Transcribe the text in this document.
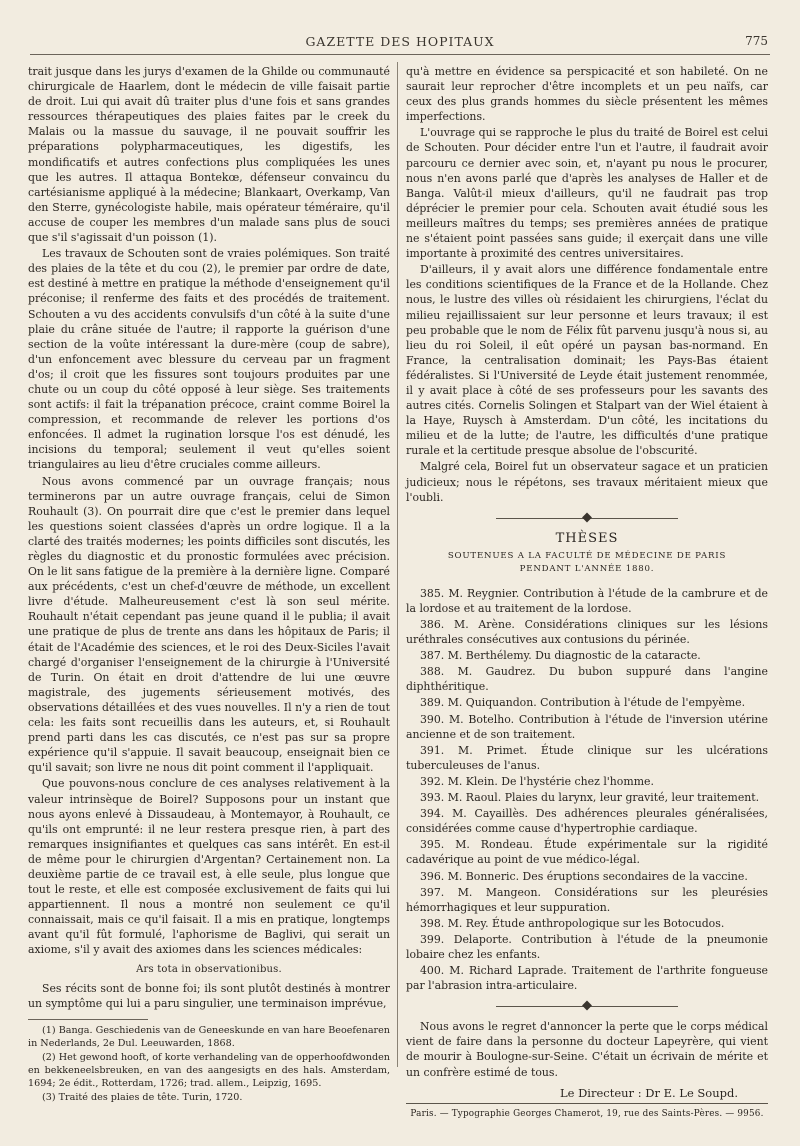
GAZETTE DES HOPITAUX	775

trait jusque dans les jurys d'examen de la Ghilde ou communauté chirurgicale de Haarlem, dont le médecin de ville faisait partie de droit. Lui qui avait dû traiter plus d'une fois et sans grandes ressources thérapeutiques des plaies faites par le creek du Malais ou la massue du sauvage, il ne pouvait souffrir les préparations polypharmaceutiques, les digestifs, les mondificatifs et autres confections plus compliquées les unes que les autres. Il attaqua Bontekœ, défenseur convaincu du cartésianisme appliqué à la médecine; Blankaart, Overkamp, Van den Sterre, gynécologiste habile, mais opérateur téméraire, qu'il accuse de couper les membres d'un malade sans plus de souci que s'il s'agissait d'un poisson (1).

Les travaux de Schouten sont de vraies polémiques. Son traité des plaies de la tête et du cou (2), le premier par ordre de date, est destiné à mettre en pratique la méthode d'enseignement qu'il préconise; il renferme des faits et des procédés de traitement. Schouten a vu des accidents convulsifs d'un côté à la suite d'une plaie du crâne située de l'autre; il rapporte la guérison d'une section de la voûte intéressant la dure-mère (coup de sabre), d'un enfoncement avec blessure du cerveau par un fragment d'os; il croit que les fissures sont toujours produites par une chute ou un coup du côté opposé à leur siège. Ses traitements sont actifs: il fait la trépanation précoce, craint comme Boirel la compression, et recommande de relever les portions d'os enfoncées. Il admet la rugination lorsque l'os est dénudé, les incisions du temporal; seulement il veut qu'elles soient triangulaires au lieu d'être cruciales comme ailleurs.

Nous avons commencé par un ouvrage français; nous terminerons par un autre ouvrage français, celui de Simon Rouhault (3). On pourrait dire que c'est le premier dans lequel les questions soient classées d'après un ordre logique. Il a la clarté des traités modernes; les points difficiles sont discutés, les règles du diagnostic et du pronostic formulées avec précision. On le lit sans fatigue de la première à la dernière ligne. Comparé aux précédents, c'est un chef-d'œuvre de méthode, un excellent livre d'étude. Malheureusement c'est là son seul mérite. Rouhault n'était cependant pas jeune quand il le publia; il avait une pratique de plus de trente ans dans les hôpitaux de Paris; il était de l'Académie des sciences, et le roi des Deux-Siciles l'avait chargé d'organiser l'enseignement de la chirurgie à l'Université de Turin. On était en droit d'attendre de lui une œuvre magistrale, des jugements sérieusement motivés, des observations détaillées et des vues nouvelles. Il n'y a rien de tout cela: les faits sont recueillis dans les auteurs, et, si Rouhault prend parti dans les cas discutés, ce n'est pas sur sa propre expérience qu'il s'appuie. Il savait beaucoup, enseignait bien ce qu'il savait; son livre ne nous dit point comment il l'appliquait.

Que pouvons-nous conclure de ces analyses relativement à la valeur intrinsèque de Boirel? Supposons pour un instant que nous ayons enlevé à Dissaudeau, à Montemayor, à Rouhault, ce qu'ils ont emprunté: il ne leur restera presque rien, à part des remarques insignifiantes et quelques cas sans intérêt. En est-il de même pour le chirurgien d'Argentan? Certainement non. La deuxième partie de ce travail est, à elle seule, plus longue que tout le reste, et elle est composée exclusivement de faits qui lui appartiennent. Il nous a montré non seulement ce qu'il connaissait, mais ce qu'il faisait. Il a mis en pratique, longtemps avant qu'il fût formulé, l'aphorisme de Baglivi, qui serait un axiome, s'il y avait des axiomes dans les sciences médicales:

Ars tota in observationibus.

Ses récits sont de bonne foi; ils sont plutôt destinés à montrer un symptôme qui lui a paru singulier, une terminaison imprévue,

(1) Banga. Geschiedenis van de Geneeskunde en van hare Beoefenaren in Nederlands, 2e Dul. Leeuwarden, 1868.

(2) Het gewond hooft, of korte verhandeling van de opperhoofdwonden en bekkeneelsbreuken, en van des aangesigts en des hals. Amsterdam, 1694; 2e édit., Rotterdam, 1726; trad. allem., Leipzig, 1695.

(3) Traité des plaies de tête. Turin, 1720.

qu'à mettre en évidence sa perspicacité et son habileté. On ne saurait leur reprocher d'être incomplets et un peu naïfs, car ceux des plus grands hommes du siècle présentent les mêmes imperfections.

L'ouvrage qui se rapproche le plus du traité de Boirel est celui de Schouten. Pour décider entre l'un et l'autre, il faudrait avoir parcouru ce dernier avec soin, et, n'ayant pu nous le procurer, nous n'en avons parlé que d'après les analyses de Haller et de Banga. Valût-il mieux d'ailleurs, qu'il ne faudrait pas trop déprécier le premier pour cela. Schouten avait étudié sous les meilleurs maîtres du temps; ses premières années de pratique ne s'étaient point passées sans guide; il exerçait dans une ville importante à proximité des centres universitaires.

D'ailleurs, il y avait alors une différence fondamentale entre les conditions scientifiques de la France et de la Hollande. Chez nous, le lustre des villes où résidaient les chirurgiens, l'éclat du milieu rejaillissaient sur leur personne et leurs travaux; il est peu probable que le nom de Félix fût parvenu jusqu'à nous si, au lieu du roi Soleil, il eût opéré un paysan bas-normand. En France, la centralisation dominait; les Pays-Bas étaient fédéralistes. Si l'Université de Leyde était justement renommée, il y avait place à côté de ses professeurs pour les savants des autres cités. Cornelis Solingen et Stalpart van der Wiel étaient à la Haye, Ruysch à Amsterdam. D'un côté, les incitations du milieu et de la lutte; de l'autre, les difficultés d'une pratique rurale et la certitude presque absolue de l'obscurité.

Malgré cela, Boirel fut un observateur sagace et un praticien judicieux; nous le répétons, ses travaux méritaient mieux que l'oubli.

THÈSES
SOUTENUES A LA FACULTÉ DE MÉDECINE DE PARIS
PENDANT L'ANNÉE 1880.
385. M. Reygnier. Contribution à l'étude de la cambrure et de la lordose et au traitement de la lordose.
386. M. Arène. Considérations cliniques sur les lésions uréthrales consécutives aux contusions du périnée.
387. M. Berthélemy. Du diagnostic de la cataracte.
388. M. Gaudrez. Du bubon suppuré dans l'angine diphthéritique.
389. M. Quiquandon. Contribution à l'étude de l'empyème.
390. M. Botelho. Contribution à l'étude de l'inversion utérine ancienne et de son traitement.
391. M. Primet. Étude clinique sur les ulcérations tuberculeuses de l'anus.
392. M. Klein. De l'hystérie chez l'homme.
393. M. Raoul. Plaies du larynx, leur gravité, leur traitement.
394. M. Cayaillès. Des adhérences pleurales généralisées, considérées comme cause d'hypertrophie cardiaque.
395. M. Rondeau. Étude expérimentale sur la rigidité cadavérique au point de vue médico-légal.
396. M. Bonneric. Des éruptions secondaires de la vaccine.
397. M. Mangeon. Considérations sur les pleurésies hémorrhagiques et leur suppuration.
398. M. Rey. Étude anthropologique sur les Botocudos.
399. Delaporte. Contribution à l'étude de la pneumonie lobaire chez les enfants.
400. M. Richard Laprade. Traitement de l'arthrite fongueuse par l'abrasion intra-articulaire.

Nous avons le regret d'annoncer la perte que le corps médical vient de faire dans la personne du docteur Lapeyrère, qui vient de mourir à Boulogne-sur-Seine. C'était un écrivain de mérite et un confrère estimé de tous.

Le Directeur : Dr E. Le Soupd.
Paris. — Typographie Georges Chamerot, 19, rue des Saints-Pères. — 9956.
